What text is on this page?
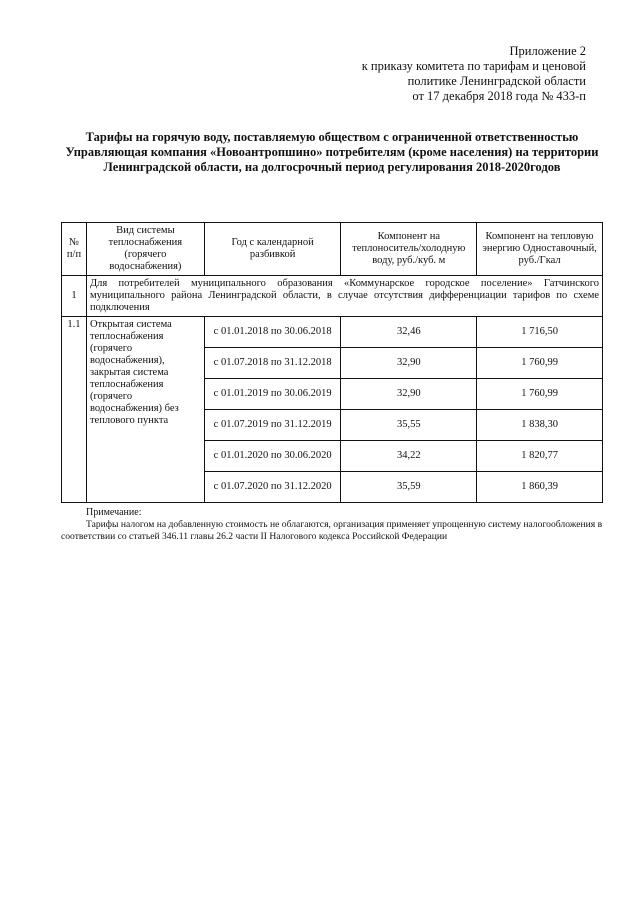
Приложение 2
к приказу комитета по тарифам и ценовой
политике Ленинградской области
от 17 декабря 2018 года № 433-п
Тарифы на горячую воду, поставляемую обществом с ограниченной ответственностью Управляющая компания «Новоантропшино» потребителям (кроме населения) на территории Ленинградской области, на долгосрочный период регулирования 2018-2020годов
№ п/п	Вид системы теплоснабжения (горячего водоснабжения)	Год с календарной разбивкой	Компонент на теплоноситель/холодную воду, руб./куб. м	Компонент на тепловую энергию Одноставочный, руб./Гкал
1	Для потребителей муниципального образования «Коммунарское городское поселение» Гатчинского муниципального района Ленинградской области, в случае отсутствия дифференциации тарифов по схеме подключения			
1.1	Открытая система теплоснабжения (горячего водоснабжения), закрытая система теплоснабжения (горячего водоснабжения) без теплового пункта	с 01.01.2018 по 30.06.2018	32,46	1 716,50
		с 01.07.2018 по 31.12.2018	32,90	1 760,99
		с 01.01.2019 по 30.06.2019	32,90	1 760,99
		с 01.07.2019 по 31.12.2019	35,55	1 838,30
		с 01.01.2020 по 30.06.2020	34,22	1 820,77
		с 01.07.2020 по 31.12.2020	35,59	1 860,39
Примечание:
Тарифы налогом на добавленную стоимость не облагаются, организация применяет упрощенную систему налогообложения в соответствии со статьей 346.11 главы 26.2 части II Налогового кодекса Российской Федерации
